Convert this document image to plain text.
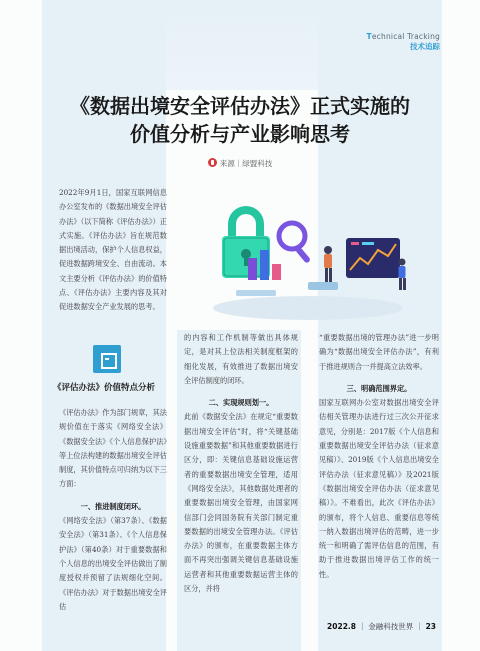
Technical Tracking
技术追踪
《数据出境安全评估办法》正式实施的
价值分析与产业影响思考
来源｜绿盟科技
2022年9月1日，国家互联网信息办公室发布的《数据出境安全评估办法》（以下简称《评估办法》）正式实施。《评估办法》旨在规范数据出境活动，保护个人信息权益，促进数据跨境安全、自由流动。本文主要分析《评估办法》的价值特点、《评估办法》主要内容及其对促进数据安全产业发展的思考。
《评估办法》价值特点分析
《评估办法》作为部门规章，其法规价值在于落实《网络安全法》《数据安全法》《个人信息保护法》等上位法构建的数据出境安全评估制度，其价值特点可归纳为以下三方面：
一、推进制度闭环。
《网络安全法》（第37条）、《数据安全法》（第31条）、《个人信息保护法》（第40条）对于重要数据和个人信息的出境安全评估做出了制度授权并预留了法规细化空间。《评估办法》对于数据出境安全评估
的内容和工作机制等做出具体规定，是对其上位法相关制度框架的细化发展，有效推进了数据出境安全评估制度的闭环。
二、实现规则划一。
此前《数据安全法》在规定“重要数据出境安全评估”时，将“关键基础设施重要数据”和其他重要数据进行区分，即：关键信息基础设施运营者的重要数据出境安全管理，适用《网络安全法》，其他数据处理者的重要数据出境安全管理，由国家网信部门会同国务院有关部门制定重要数据的出境安全管理办法。《评估办法》的颁布，在重要数据主体方面不再突出强调关键信息基础设施运营者和其他重要数据运营主体的区分，并将
“重要数据出境的管理办法”进一步明确为“数据出境安全评估办法”，有利于推进规则合一并提高立法效率。
三、明确范围界定。
国家互联网办公室对数据出境安全评估相关管理办法进行过三次公开征求意见，分别是：2017版《个人信息和重要数据出境安全评估办法（征求意见稿）》、2019版《个人信息出境安全评估办法（征求意见稿）》及2021版《数据出境安全评估办法（征求意见稿）》。不难看出，此次《评估办法》的颁布，将个人信息、重要信息等统一纳入数据出境评估的范畴，进一步统一和明确了需评估信息的范围，有助于推进数据出境评估工作的统一性。
2022.8 ｜ 金融科技世界 ｜ 23
